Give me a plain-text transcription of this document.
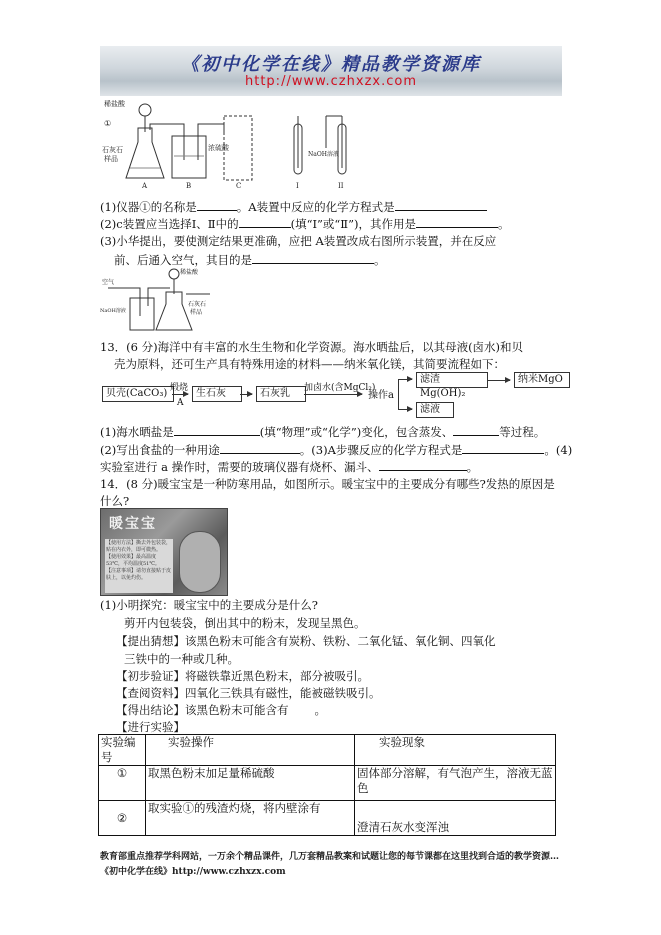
《初中化学在线》精品教学资源库
http://www.czhxzx.com
稀盐酸
①
石灰石
样品
浓硫酸
NaOH溶液
A	B	C	I	II
(1)仪器①的名称是	。A装置中反应的化学方程式是
(2)c装置应当选择Ⅰ、Ⅱ中的	(填“Ⅰ”或“Ⅱ”)，其作用是	。
(3)小华提出，要使测定结果更准确，应把 A装置改成右图所示装置，并在反应
前、后通入空气，其目的是	。
稀盐酸
空气
NaOH溶液
石灰石
样品
13．(6 分)海洋中有丰富的水生生物和化学资源。海水晒盐后，以其母液(卤水)和贝
壳为原料，还可生产具有特殊用途的材料——纳米氧化镁，其简要流程如下：
贝壳(CaCO₃) 煅烧
A
生石灰	石灰乳	加卤水(含MgCl₂)
操作a
滤渣Mg(OH)₂
纳米MgO
滤液
(1)海水晒盐是	(填“物理”或“化学”)变化，包含蒸发、	等过程。
(2)写出食盐的一种用途	。(3)A步骤反应的化学方程式是	。(4)
实验室进行 a 操作时，需要的玻璃仪器有烧杯、漏斗、	。
14．(8 分)暖宝宝是一种防寒用品，如图所示。暖宝宝中的主要成分有哪些?发热的原因是
什么?
暖宝宝
【使用方法】撕去外包装袋，贴在内衣外，即可微热。
【使用效果】最高温度53℃，平均温度51℃。
【注意事项】请勿直接贴于皮肤上，以免灼伤。
(1)小明探究：暖宝宝中的主要成分是什么?
剪开内包装袋，倒出其中的粉末，发现呈黑色。
【提出猜想】该黑色粉末可能含有炭粉、铁粉、二氧化锰、氧化铜、四氧化
三铁中的一种或几种。
【初步验证】将磁铁靠近黑色粉末，部分被吸引。
【查阅资料】四氧化三铁具有磁性，能被磁铁吸引。
【得出结论】该黑色粉末可能含有 。
【进行实验】
实验编号	实验操作	实验现象
①	取黑色粉末加足量稀硫酸	固体部分溶解，有气泡产生，溶液无蓝色
②	取实验①的残渣灼烧，将内壁涂有	澄清石灰水变浑浊
教育部重点推荐学科网站，一万余个精品课件，几万套精品教案和试题让您的每节课都在这里找到合适的教学资源…《初中化学在线》http://www.czhxzx.com
